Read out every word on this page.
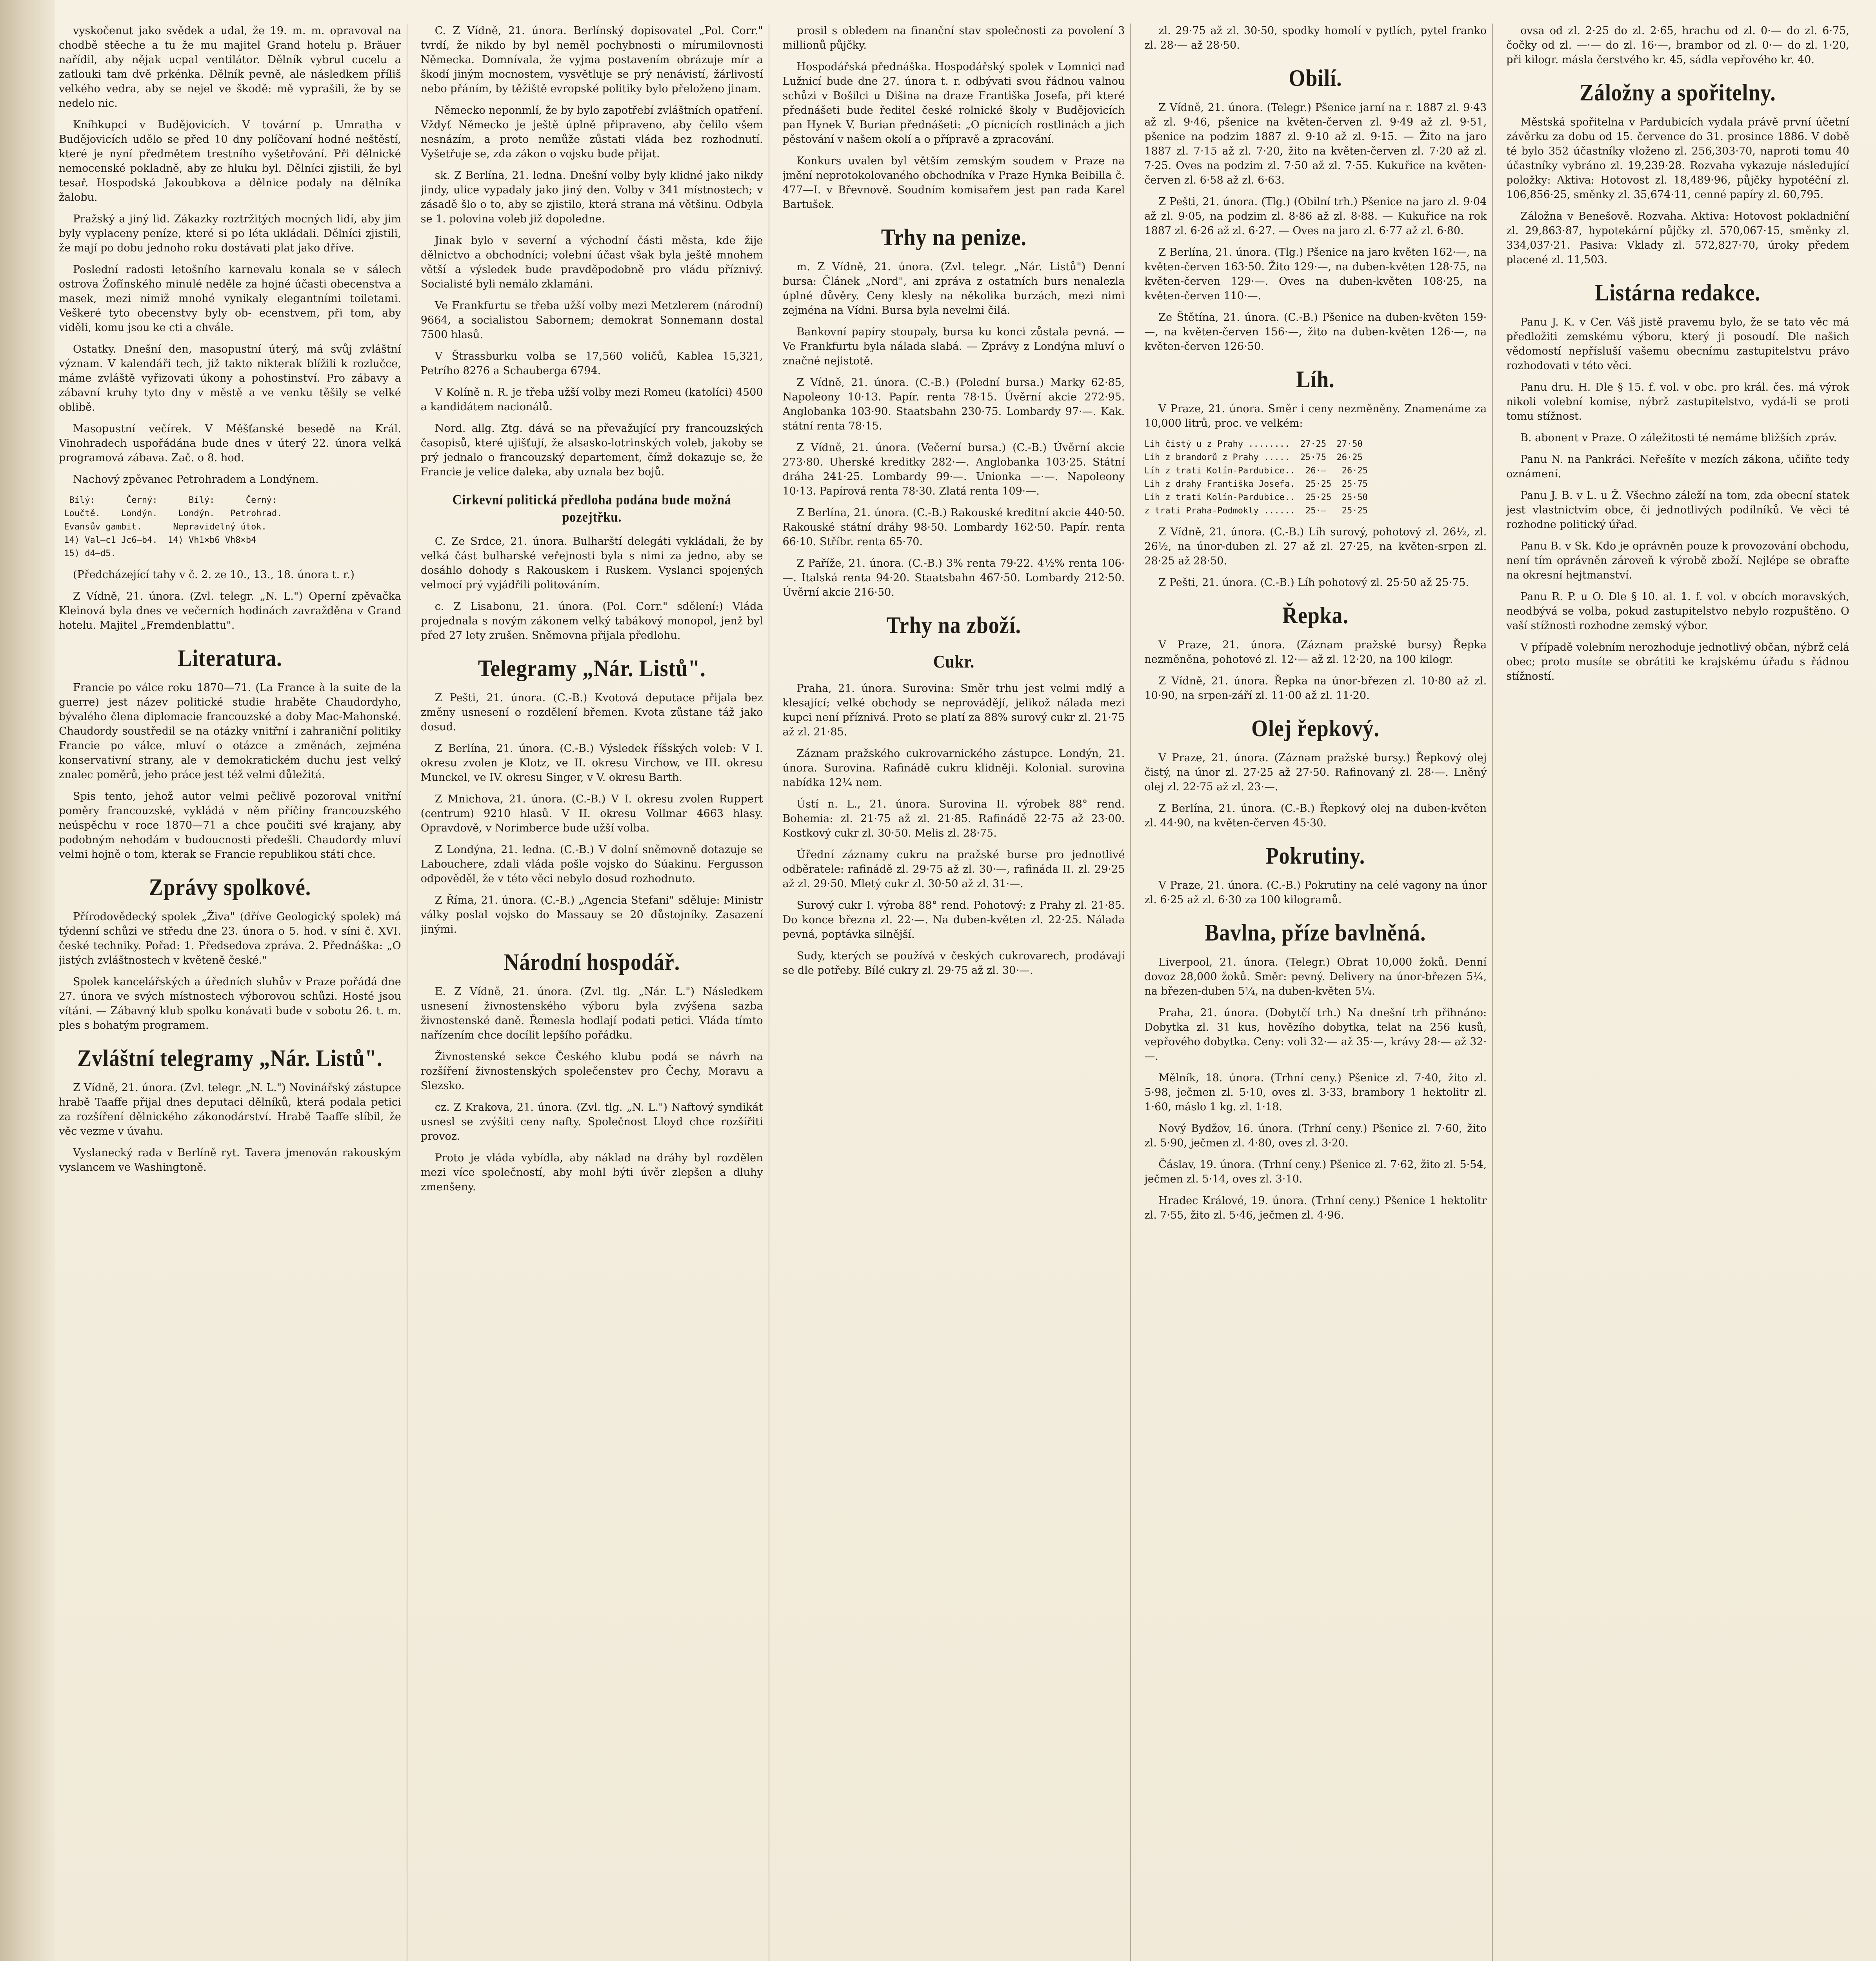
vyskočenut jako svědek a udal, že 19. m. m. opravoval na chodbě stěeche a tu že mu majitel Grand hotelu p. Bräuer nařídil, aby nějak ucpal ventilátor. Dělník vybrul cucelu a zatlouki tam dvě prkénka. Dělník pevně, ale následkem příliš velkého vedra, aby se nejel ve škodě: mě vyprašili, že by se nedelo nic.

Kníhkupci v Budějovicích. V tovární p. Umratha v Budějovicích udělo se před 10 dny políčovaní hodné neštěstí, které je nyní předmětem trestního vyšetřování. Při dělnické nemocenské pokladně, aby ze hluku byl. Dělníci zjistili, že byl tesař. Hospodská Jakoubkova a dělnice podaly na dělníka žalobu.

Pražský a jiný lid. Zákazky roztržitých mocných lidí, aby jim byly vyplaceny peníze, které si po léta ukládali. Dělníci zjistili, že mají po dobu jednoho roku dostávati plat jako dříve.

Poslední radosti letošního karnevalu konala se v sálech ostrova Žofínského minulé neděle za hojné účasti obecenstva a masek, mezi nimiž mnohé vynikaly elegantními toiletami. Veškeré tyto obecenstvy byly ob- ecenstvem, při tom, aby viděli, komu jsou ke cti a chvále.

Ostatky. Dnešní den, masopustní úterý, má svůj zvláštní význam. V kalendáři tech, již takto nikterak blížili k rozlučce, máme zvláště vyřizovati úkony a pohostinství. Pro zábavy a zábavní kruhy tyto dny v městě a ve venku těšily se velké oblibě.

Masopustní večírek. V Měšťanské besedě na Král. Vinohradech uspořádána bude dnes v úterý 22. února velká programová zábava. Zač. o 8. hod.

Nachový zpěvanec Petrohradem a Londýnem.

Bílý:      Černý:      Bílý:      Černý:
Loučtě.    Londýn.    Londýn.   Petrohrad.
Evansův gambit.      Nepravidelný útok.
14) Val—c1 Jc6—b4.  14) Vh1×b6 Vh8×b4
15) d4—d5.

(Předcházející tahy v č. 2. ze 10., 13., 18. února t. r.)

Z Vídně, 21. února. (Zvl. telegr. „N. L.") Operní zpěvačka Kleinová byla dnes ve večerních hodinách zavražděna v Grand hotelu. Majitel „Fremdenblattu".

Literatura.

Francie po válce roku 1870—71. (La France à la suite de la guerre) jest název politické studie hraběte Chaudordyho, bývalého člena diplomacie francouzské a doby Mac-Mahonské. Chaudordy soustředil se na otázky vnitřní i zahraniční politiky Francie po válce, mluví o otázce a změnách, zejména konservativní strany, ale v demokratickém duchu jest velký znalec poměrů, jeho práce jest též velmi důležitá.

Spis tento, jehož autor velmi pečlivě pozoroval vnitřní poměry francouzské, vykládá v něm příčiny francouzského neúspěchu v roce 1870—71 a chce poučiti své krajany, aby podobným nehodám v budoucnosti předešli. Chaudordy mluví velmi hojně o tom, kterak se Francie republikou státi chce.

Zprávy spolkové.

Přírodovědecký spolek „Živa" (dříve Geologický spolek) má týdenní schůzi ve středu dne 23. února o 5. hod. v síni č. XVI. české techniky. Pořad: 1. Předsedova zpráva. 2. Přednáška: „O jistých zvláštnostech v květeně české."

Spolek kancelářských a úředních sluhův v Praze pořádá dne 27. února ve svých místnostech výborovou schůzi. Hosté jsou vítáni. — Zábavný klub spolku konávati bude v sobotu 26. t. m. ples s bohatým programem.

Zvláštní telegramy „Nár. Listů".

Z Vídně, 21. února. (Zvl. telegr. „N. L.") Novinářský zástupce hrabě Taaffe přijal dnes deputaci dělníků, která podala petici za rozšíření dělnického zákonodárství. Hrabě Taaffe slíbil, že věc vezme v úvahu.

Vyslanecký rada v Berlíně ryt. Tavera jmenován rakouským vyslancem ve Washingtoně.

C. Z Vídně, 21. února. Berlínský dopisovatel „Pol. Corr." tvrdí, že nikdo by byl neměl pochybnosti o mírumilovnosti Německa. Domnívala, že vyjma postavením obrázuje mír a škodí jiným mocnostem, vysvětluje se prý nenávistí, žárlivostí nebo přáním, by těžiště evropské politiky bylo přeloženo jinam.

Německo neponmlí, že by bylo zapotřebí zvláštních opatření. Vždyť Německo je ještě úplně připraveno, aby čelilo všem nesnázím, a proto nemůže zůstati vláda bez rozhodnutí. Vyšetřuje se, zda zákon o vojsku bude přijat.

sk. Z Berlína, 21. ledna. Dnešní volby byly klidné jako nikdy jindy, ulice vypadaly jako jiný den. Volby v 341 místnostech; v zásadě šlo o to, aby se zjistilo, která strana má většinu. Odbyla se 1. polovina voleb již dopoledne.

Jinak bylo v severní a východní části města, kde žije dělnictvo a obchodníci; volební účast však byla ještě mnohem větší a výsledek bude pravděpodobně pro vládu příznivý. Socialisté byli nemálo zklamáni.

Ve Frankfurtu se třeba užší volby mezi Metzlerem (národní) 9664, a socialistou Sabornem; demokrat Sonnemann dostal 7500 hlasů.

V Štrassburku volba se 17,560 voličů, Kablea 15,321, Petrího 8276 a Schauberga 6794.

V Kolíně n. R. je třeba užší volby mezi Romeu (katolíci) 4500 a kandidátem nacionálů.

Nord. allg. Ztg. dává se na převažující pry francouzských časopisů, které ujišťují, že alsasko-lotrinských voleb, jakoby se prý jednalo o francouzský departement, čímž dokazuje se, že Francie je velice daleka, aby uznala bez bojů.

Cirkevní politická předloha podána bude možná pozejtřku.

C. Ze Srdce, 21. února. Bulharští delegáti vykládali, že by velká část bulharské veřejnosti byla s nimi za jedno, aby se dosáhlo dohody s Rakouskem i Ruskem. Vyslanci spojených velmocí prý vyjádřili politováním.

c. Z Lisabonu, 21. února. (Pol. Corr." sdělení:) Vláda projednala s novým zákonem velký tabákový monopol, jenž byl před 27 lety zrušen. Sněmovna přijala předlohu.

Telegramy „Nár. Listů".

Z Pešti, 21. února. (C.-B.) Kvotová deputace přijala bez změny usnesení o rozdělení břemen. Kvota zůstane táž jako dosud.

Z Berlína, 21. února. (C.-B.) Výsledek říšských voleb: V I. okresu zvolen je Klotz, ve II. okresu Virchow, ve III. okresu Munckel, ve IV. okresu Singer, v V. okresu Barth.

Z Mnichova, 21. února. (C.-B.) V I. okresu zvolen Ruppert (centrum) 9210 hlasů. V II. okresu Vollmar 4663 hlasy. Opravdově, v Norimberce bude užší volba.

Z Londýna, 21. ledna. (C.-B.) V dolní sněmovně dotazuje se Labouchere, zdali vláda pošle vojsko do Súakinu. Fergusson odpověděl, že v této věci nebylo dosud rozhodnuto.

Z Říma, 21. února. (C.-B.) „Agencia Stefani" sděluje: Ministr války poslal vojsko do Massauy se 20 důstojníky. Zasazení jinými.

Národní hospodář.

E. Z Vídně, 21. února. (Zvl. tlg. „Nár. L.") Následkem usnesení živnostenského výboru byla zvýšena sazba živnostenské daně. Řemesla hodlají podati petici. Vláda tímto nařízením chce docílit lepšího pořádku.

Živnostenské sekce Českého klubu podá se návrh na rozšíření živnostenských společenstev pro Čechy, Moravu a Slezsko.

cz. Z Krakova, 21. února. (Zvl. tlg. „N. L.") Naftový syndikát usnesl se zvýšiti ceny nafty. Společnost Lloyd chce rozšířiti provoz.

Proto je vláda vybídla, aby náklad na dráhy byl rozdělen mezi více společností, aby mohl býti úvěr zlepšen a dluhy zmenšeny.

prosil s obledem na finanční stav společnosti za povolení 3 millionů půjčky.

Hospodářská přednáška. Hospodářský spolek v Lomnici nad Lužnicí bude dne 27. února t. r. odbývati svou řádnou valnou schůzi v Bošilci u Dišina na draze Františka Josefa, při které přednášeti bude ředitel české rolnické školy v Budějovicích pan Hynek V. Burian přednášeti: „O pícnicích rostlinách a jich pěstování v našem okolí a o přípravě a zpracování.

Konkurs uvalen byl větším zemským soudem v Praze na jmění neprotokolovaného obchodníka v Praze Hynka Beibilla č. 477—I. v Břevnově. Soudním komisařem jest pan rada Karel Bartušek.

Trhy na penize.

m. Z Vídně, 21. února. (Zvl. telegr. „Nár. Listů") Denní bursa: Článek „Nord", ani zpráva z ostatních burs nenalezla úplné důvěry. Ceny klesly na několika burzách, mezi nimi zejména na Vídni. Bursa byla nevelmi čilá.

Bankovní papíry stoupaly, bursa ku konci zůstala pevná. — Ve Frankfurtu byla nálada slabá. — Zprávy z Londýna mluví o značné nejistotě.

Z Vídně, 21. února. (C.-B.) (Polední bursa.) Marky 62·85, Napoleony 10·13. Papír. renta 78·15. Úvěrní akcie 272·95. Anglobanka 103·90. Staatsbahn 230·75. Lombardy 97·—. Kak. státní renta 78·15.

Z Vídně, 21. února. (Večerní bursa.) (C.-B.) Úvěrní akcie 273·80. Uherské kreditky 282·—. Anglobanka 103·25. Státní dráha 241·25. Lombardy 99·—. Unionka —·—. Napoleony 10·13. Papírová renta 78·30. Zlatá renta 109·—.

Z Berlína, 21. února. (C.-B.) Rakouské kreditní akcie 440·50. Rakouské státní dráhy 98·50. Lombardy 162·50. Papír. renta 66·10. Stříbr. renta 65·70.

Z Paříže, 21. února. (C.-B.) 3% renta 79·22. 4½% renta 106·—. Italská renta 94·20. Staatsbahn 467·50. Lombardy 212·50. Úvěrní akcie 216·50.

Trhy na zboží.
Cukr.

Praha, 21. února. Surovina: Směr trhu jest velmi mdlý a klesající; velké obchody se neprovádějí, jelikož nálada mezi kupci není příznivá. Proto se platí za 88% surový cukr zl. 21·75 až zl. 21·85.

Záznam pražského cukrovarnického zástupce. Londýn, 21. února. Surovina. Rafinádě cukru klidněji. Kolonial. surovina nabídka 12¼ nem.

Ústí n. L., 21. února. Surovina II. výrobek 88° rend. Bohemia: zl. 21·75 až zl. 21·85. Rafinádě 22·75 až 23·00. Kostkový cukr zl. 30·50. Melis zl. 28·75.

Úřední záznamy cukru na pražské burse pro jednotlivé odběratele: rafinádě zl. 29·75 až zl. 30·—, rafináda II. zl. 29·25 až zl. 29·50. Mletý cukr zl. 30·50 až zl. 31·—.

Surový cukr I. výroba 88° rend. Pohotový: z Prahy zl. 21·85. Do konce března zl. 22·—. Na duben-květen zl. 22·25. Nálada pevná, poptávka silnější.

Sudy, kterých se používá v českých cukrovarech, prodávají se dle potřeby. Bílé cukry zl. 29·75 až zl. 30·—.

zl. 29·75 až zl. 30·50, spodky homolí v pytlích, pytel franko zl. 28·— až 28·50.

Obilí.

Z Vídně, 21. února. (Telegr.) Pšenice jarní na r. 1887 zl. 9·43 až zl. 9·46, pšenice na květen-červen zl. 9·49 až zl. 9·51, pšenice na podzim 1887 zl. 9·10 až zl. 9·15. — Žito na jaro 1887 zl. 7·15 až zl. 7·20, žito na květen-červen zl. 7·20 až zl. 7·25. Oves na podzim zl. 7·50 až zl. 7·55. Kukuřice na květen-červen zl. 6·58 až zl. 6·63.

Z Pešti, 21. února. (Tlg.) (Obilní trh.) Pšenice na jaro zl. 9·04 až zl. 9·05, na podzim zl. 8·86 až zl. 8·88. — Kukuřice na rok 1887 zl. 6·26 až zl. 6·27. — Oves na jaro zl. 6·77 až zl. 6·80.

Z Berlína, 21. února. (Tlg.) Pšenice na jaro květen 162·—, na květen-červen 163·50. Žito 129·—, na duben-květen 128·75, na květen-červen 129·—. Oves na duben-květen 108·25, na květen-červen 110·—.

Ze Štětína, 21. února. (C.-B.) Pšenice na duben-květen 159·—, na květen-červen 156·—, žito na duben-květen 126·—, na květen-červen 126·50.

Líh.

V Praze, 21. února. Směr i ceny nezměněny. Znamenáme za 10,000 litrů, proc. ve velkém:

Líh čistý u z Prahy ........  27·25  27·50
Líh z brandorů z Prahy .....  25·75  26·25
Líh z trati Kolín-Pardubice..  26·—   26·25
Líh z drahy Františka Josefa.  25·25  25·75
Líh z trati Kolín-Pardubice..  25·25  25·50
z trati Praha-Podmokly ......  25·—   25·25

Z Vídně, 21. února. (C.-B.) Líh surový, pohotový zl. 26½, zl. 26½, na únor-duben zl. 27 až zl. 27·25, na květen-srpen zl. 28·25 až 28·50.

Z Pešti, 21. února. (C.-B.) Líh pohotový zl. 25·50 až 25·75.

Řepka.

V Praze, 21. února. (Záznam pražské bursy) Řepka nezměněna, pohotové zl. 12·— až zl. 12·20, na 100 kilogr.

Z Vídně, 21. února. Řepka na únor-březen zl. 10·80 až zl. 10·90, na srpen-září zl. 11·00 až zl. 11·20.

Olej řepkový.

V Praze, 21. února. (Záznam pražské bursy.) Řepkový olej čistý, na únor zl. 27·25 až 27·50. Rafinovaný zl. 28·—. Lněný olej zl. 22·75 až zl. 23·—.

Z Berlína, 21. února. (C.-B.) Řepkový olej na duben-květen zl. 44·90, na květen-červen 45·30.

Pokrutiny.

V Praze, 21. února. (C.-B.) Pokrutiny na celé vagony na únor zl. 6·25 až zl. 6·30 za 100 kilogramů.

Bavlna, příze bavlněná.

Liverpool, 21. února. (Telegr.) Obrat 10,000 žoků. Denní dovoz 28,000 žoků. Směr: pevný. Delivery na únor-březen 5¼, na březen-duben 5¼, na duben-květen 5¼.

Praha, 21. února. (Dobytčí trh.) Na dnešní trh přihnáno: Dobytka zl. 31 kus, hovězího dobytka, telat na 256 kusů, vepřového dobytka. Ceny: voli 32·— až 35·—, krávy 28·— až 32·—.

Mělník, 18. února. (Trhní ceny.) Pšenice zl. 7·40, žito zl. 5·98, ječmen zl. 5·10, oves zl. 3·33, brambory 1 hektolitr zl. 1·60, máslo 1 kg. zl. 1·18.

Nový Bydžov, 16. února. (Trhní ceny.) Pšenice zl. 7·60, žito zl. 5·90, ječmen zl. 4·80, oves zl. 3·20.

Čáslav, 19. února. (Trhní ceny.) Pšenice zl. 7·62, žito zl. 5·54, ječmen zl. 5·14, oves zl. 3·10.

Hradec Králové, 19. února. (Trhní ceny.) Pšenice 1 hektolitr zl. 7·55, žito zl. 5·46, ječmen zl. 4·96.

ovsa od zl. 2·25 do zl. 2·65, hrachu od zl. 0·— do zl. 6·75, čočky od zl. —·— do zl. 16·—, brambor od zl. 0·— do zl. 1·20, při kilogr. másla čerstvého kr. 45, sádla vepřového kr. 40.

Záložny a spořitelny.

Městská spořitelna v Pardubicích vydala právě první účetní závěrku za dobu od 15. července do 31. prosince 1886. V době té bylo 352 účastníky vloženo zl. 256,303·70, naproti tomu 40 účastníky vybráno zl. 19,239·28. Rozvaha vykazuje následující položky: Aktiva: Hotovost zl. 18,489·96, půjčky hypotéční zl. 106,856·25, směnky zl. 35,674·11, cenné papíry zl. 60,795.

Záložna v Benešově. Rozvaha. Aktiva: Hotovost pokladniční zl. 29,863·87, hypotekární půjčky zl. 570,067·15, směnky zl. 334,037·21. Pasiva: Vklady zl. 572,827·70, úroky předem placené zl. 11,503.

Listárna redakce.

Panu J. K. v Cer. Váš jistě pravemu bylo, že se tato věc má předložiti zemskému výboru, který ji posoudí. Dle našich vědomostí nepřísluší vašemu obecnímu zastupitelstvu právo rozhodovati v této věci.

Panu dru. H. Dle § 15. f. vol. v obc. pro král. čes. má výrok nikoli volební komise, nýbrž zastupitelstvo, vydá-li se proti tomu stížnost.

B. abonent v Praze. O záležitosti té nemáme bližších zpráv.

Panu N. na Pankráci. Neřešíte v mezích zákona, učiňte tedy oznámení.

Panu J. B. v L. u Ž. Všechno záleží na tom, zda obecní statek jest vlastnictvím obce, či jednotlivých podílníků. Ve věci té rozhodne politický úřad.

Panu B. v Sk. Kdo je oprávněn pouze k provozování obchodu, není tím oprávněn zároveň k výrobě zboží. Nejlépe se obraťte na okresní hejtmanství.

Panu R. P. u O. Dle § 10. al. 1. f. vol. v obcích moravských, neodbývá se volba, pokud zastupitelstvo nebylo rozpuštěno. O vaší stížnosti rozhodne zemský výbor.

V případě volebním nerozhoduje jednotlivý občan, nýbrž celá obec; proto musíte se obrátiti ke krajskému úřadu s řádnou stížností.
